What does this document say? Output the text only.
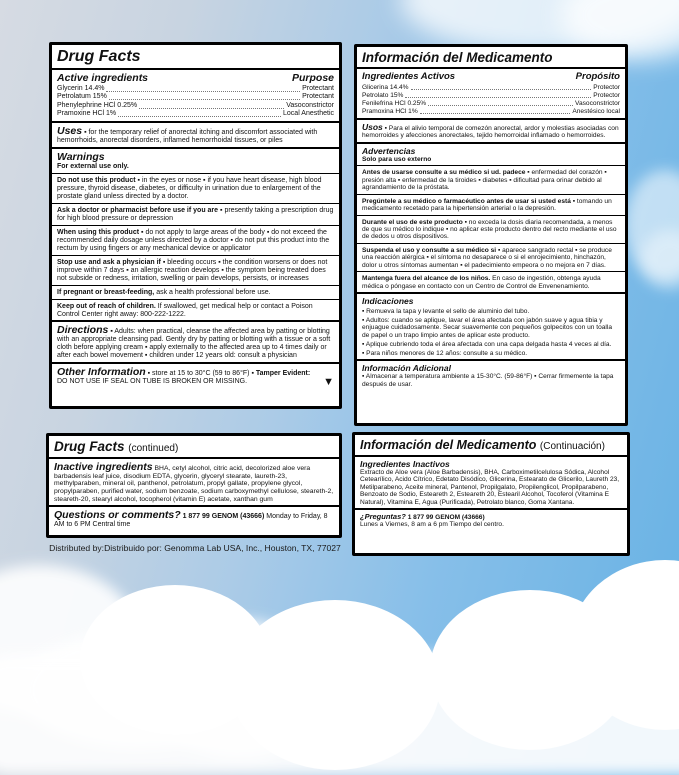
Drug Facts
Active ingredients	Purpose
Glycerin 14.4%	Protectant
Petrolatum 15%	Protectant
Phenylephrine HCl 0.25%	Vasoconstrictor
Pramoxine HCl 1%	Local Anesthetic
Uses ▪ for the temporary relief of anorectal itching and discomfort associated with hemorrhoids, anorectal disorders, inflamed hemorrhoidal tissues, or piles
Warnings
For external use only.
Do not use this product ▪ in the eyes or nose ▪ if you have heart disease, high blood pressure, thyroid disease, diabetes, or difficulty in urination due to enlargement of the prostate gland unless directed by a doctor.
Ask a doctor or pharmacist before use if you are ▪ presently taking a prescription drug for high blood pressure or depression
When using this product ▪ do not apply to large areas of the body ▪ do not exceed the recommended daily dosage unless directed by a doctor ▪ do not put this product into the rectum by using fingers or any mechanical device or applicator
Stop use and ask a physician if ▪ bleeding occurs ▪ the condition worsens or does not improve within 7 days ▪ an allergic reaction develops ▪ the symptom being treated does not subside or redness, irritation, swelling or pain develops, persists, or increases
If pregnant or breast-feeding, ask a health professional before use.
Keep out of reach of children. If swallowed, get medical help or contact a Poison Control Center right away: 800-222-1222.
Directions ▪ Adults: when practical, cleanse the affected area by patting or blotting with an appropriate cleansing pad. Gently dry by patting or blotting with a tissue or a soft cloth before applying cream ▪ apply externally to the affected area up to 4 times daily or after each bowel movement ▪ children under 12 years old: consult a physician
Other Information ▪ store at 15 to 30°C (59 to 86°F) ▪ Tamper Evident: DO NOT USE IF SEAL ON TUBE IS BROKEN OR MISSING.	▼
Información del Medicamento
Ingredientes Activos	Propósito
Glicerina 14.4%	Protector
Petrolato 15%	Protector
Fenilefrina HCl 0.25%	Vasoconstrictor
Pramoxina HCl 1%	Anestésico local
Usos ▪ Para el alivio temporal de comezón anorectal, ardor y molestias asociadas con hemorroides y afecciones anorectales, tejido hemorroidal inflamado o hemorroides.
Advertencias
Solo para uso externo
Antes de usarse consulte a su médico si ud. padece ▪ enfermedad del corazón ▪ presión alta ▪ enfermedad de la tiroides ▪ diabetes ▪ dificultad para orinar debido al agrandamiento de la próstata.
Pregúntele a su médico o farmacéutico antes de usar si usted está ▪ tomando un medicamento recetado para la hipertensión arterial o la depresión.
Durante el uso de este producto ▪ no exceda la dosis diaria recomendada, a menos de que su médico lo indique ▪ no aplicar este producto dentro del recto mediante el uso de dedos u otros dispositivos.
Suspenda el uso y consulte a su médico si ▪ aparece sangrado rectal ▪ se produce una reacción alérgica ▪ el síntoma no desaparece o si el enrojecimiento, hinchazón, dolor u otros síntomas aumentan ▪ el padecimiento empeora o no mejora en 7 días.
Mantenga fuera del alcance de los niños. En caso de ingestión, obtenga ayuda médica o póngase en contacto con un Centro de Control de Envenenamiento.
Indicaciones
▪ Remueva la tapa y levante el sello de aluminio del tubo.
▪ Adultos: cuando se aplique, lavar el área afectada con jabón suave y agua tibia y enjuague cuidadosamente. Secar suavemente con pequeños golpecitos con un toalla de papel o un trapo limpio antes de aplicar este producto.
▪ Aplique cubriendo toda el área afectada con una capa delgada hasta 4 veces al día.
▪ Para niños menores de 12 años: consulte a su médico.
Información Adicional
▪ Almacenar a temperatura ambiente a 15-30°C. (59-86°F) ▪ Cerrar firmemente la tapa después de usar.
Drug Facts (continued)
Inactive ingredients BHA, cetyl alcohol, citric acid, decolorized aloe vera barbadensis leaf juice, disodium EDTA, glycerin, glyceryl stearate, laureth-23, methylparaben, mineral oil, panthenol, petrolatum, propyl gallate, propylene glycol, propylparaben, purified water, sodium benzoate, sodium carboxymethyl cellulose, steareth-2, steareth-20, stearyl alcohol, tocopherol (vitamin E) acetate, xanthan gum
Questions or comments? 1 877 99 GENOM (43666) Monday to Friday, 8 AM to 6 PM Central time
Información del Medicamento (Continuación)
Ingredientes Inactivos
Extracto de Aloe vera (Aloe Barbadensis), BHA, Carboximetilcelulosa Sódica, Alcohol Cetearílico, Acido Cítrico, Edetato Disódico, Glicerina, Estearato de Glicerilo, Laureth 23, Metilparabeno, Aceite mineral, Pantenol, Propilgalato, Propilenglicol, Propilparabeno, Benzoato de Sodio, Esteareth 2, Esteareth 20, Estearil Alcohol, Tocoferol (Vitamina E Natural), Vitamina E, Agua (Purificada), Petrolato blanco, Goma Xantana.
¿Preguntas? 1 877 99 GENOM (43666)
Lunes a Viernes, 8 am a 6 pm Tiempo del centro.
Distributed by:Distribuido por: Genomma Lab USA, Inc., Houston, TX, 77027
